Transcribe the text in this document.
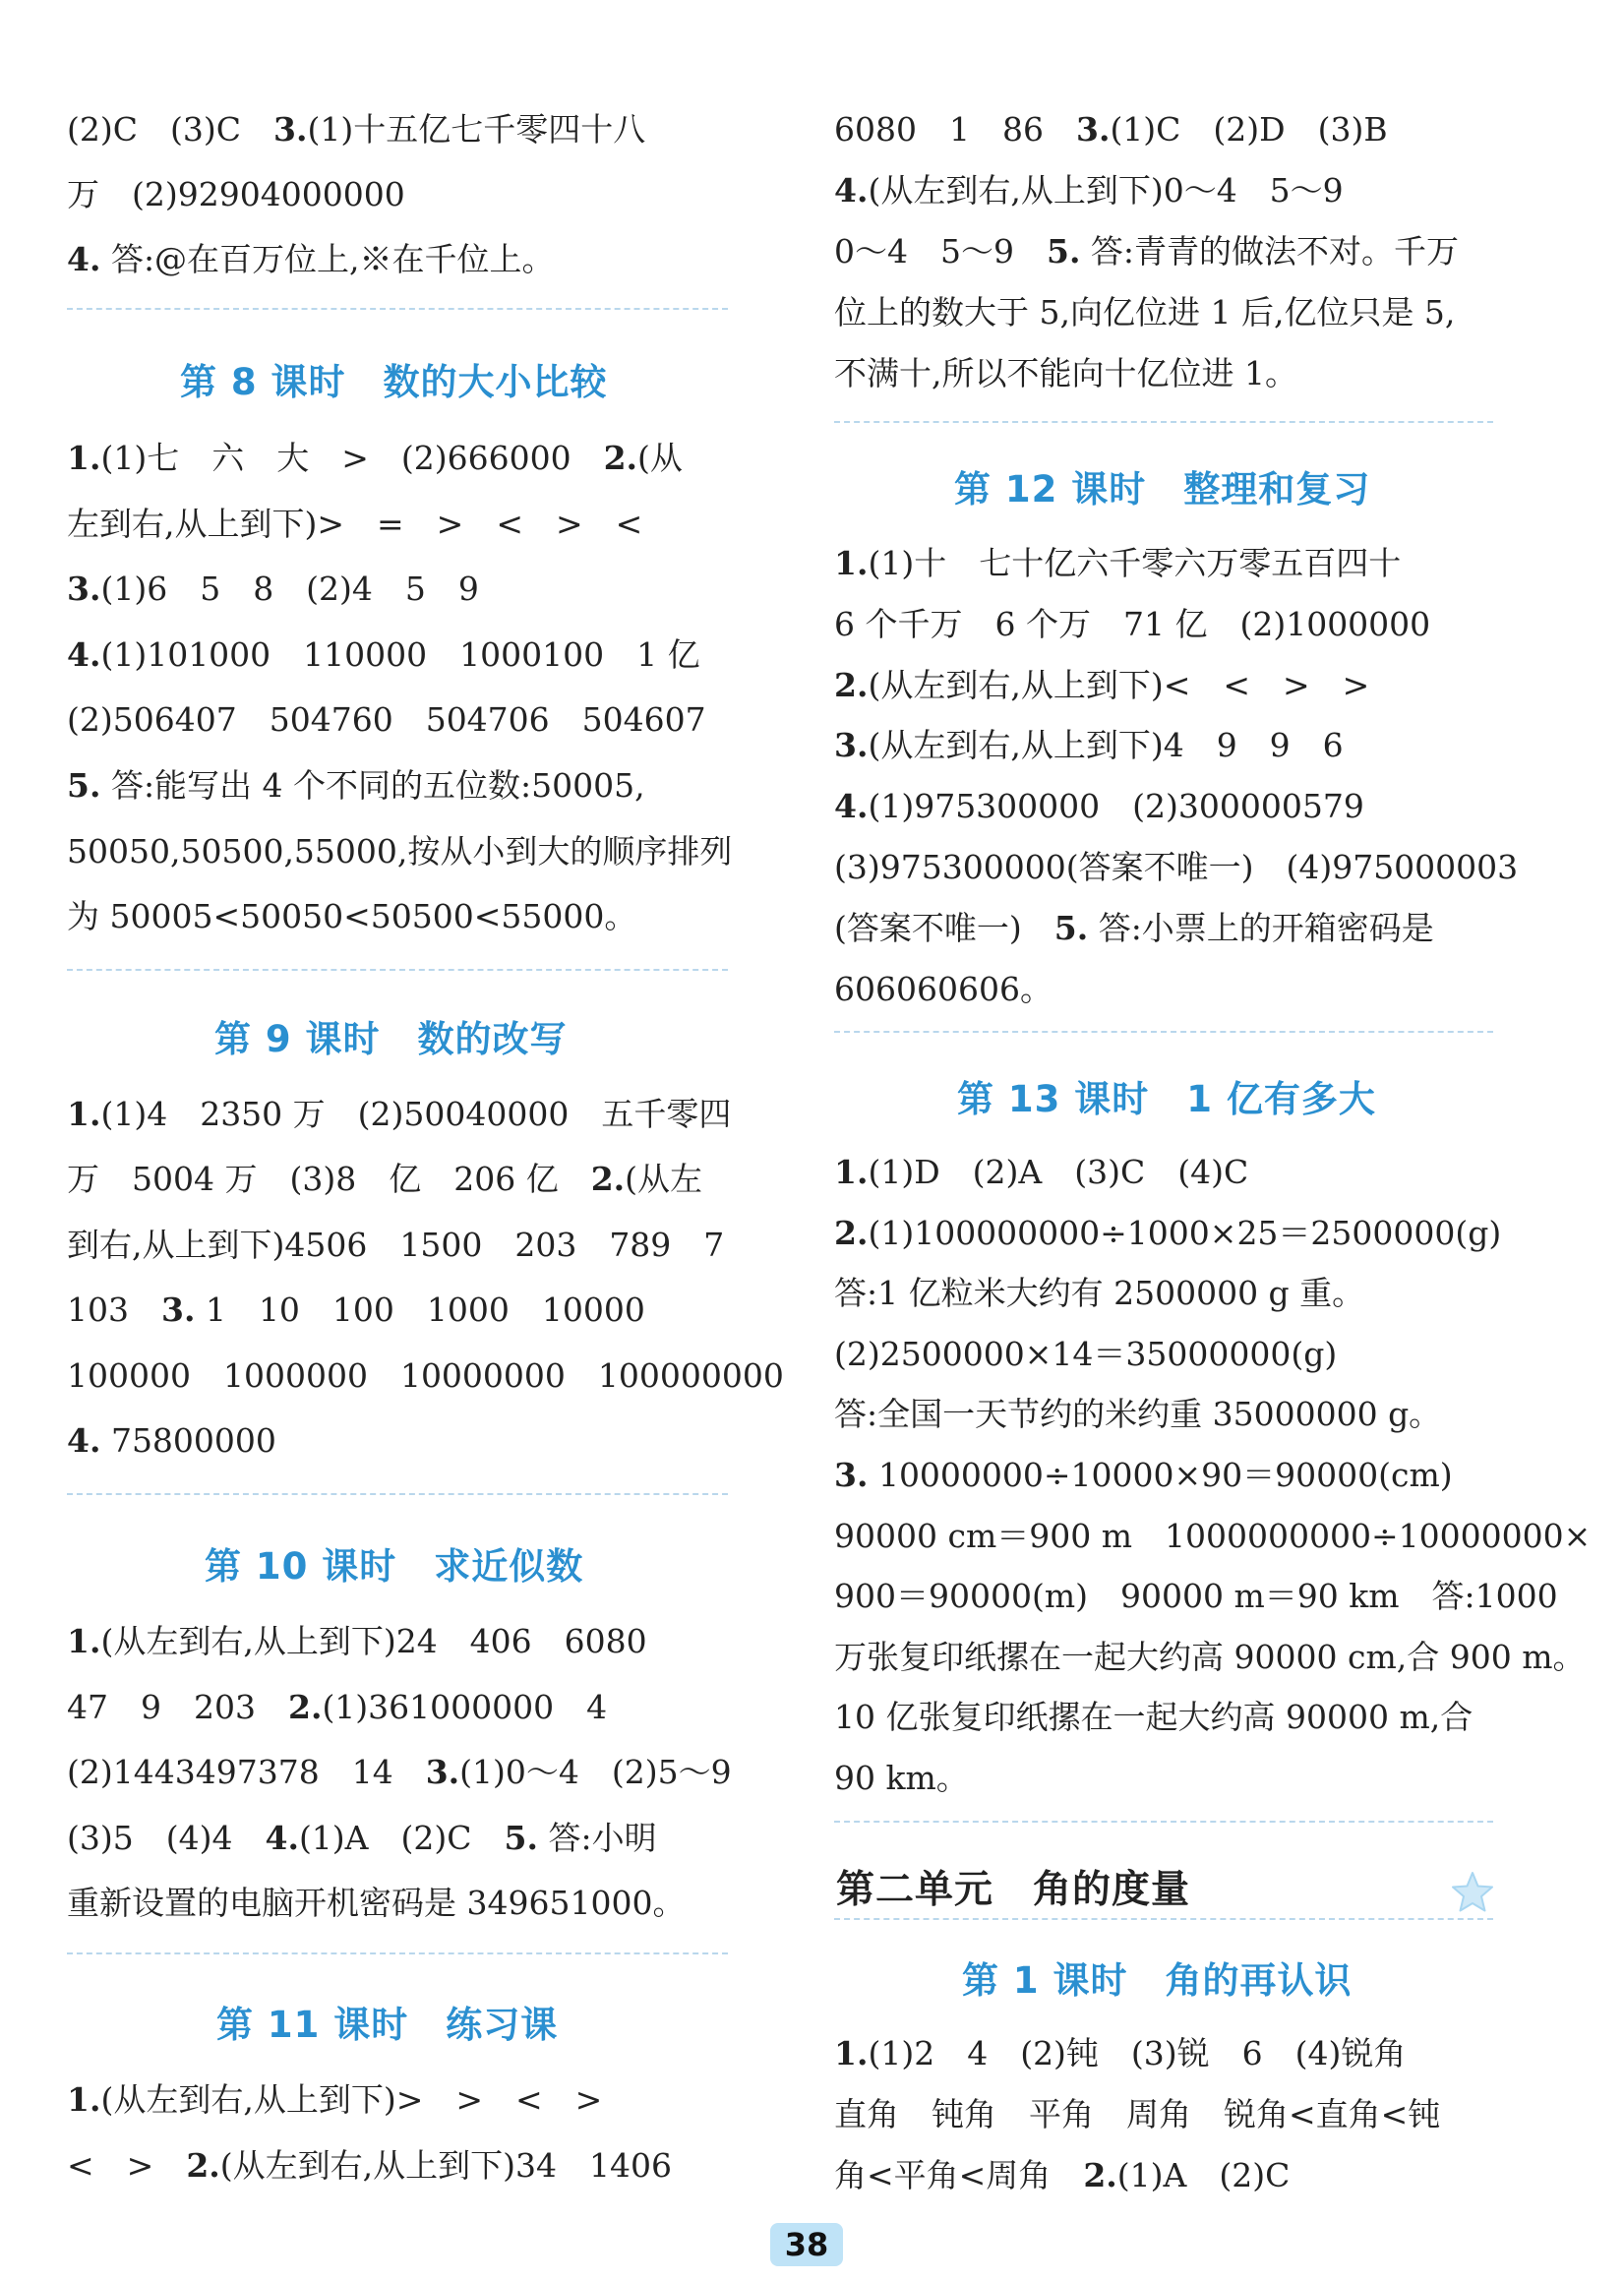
(2)C　(3)C　3.(1)十五亿七千零四十八
万　(2)92904000000
4. 答:@在百万位上,※在千位上。
第 8 课时　数的大小比较
1.(1)七　六　大　>　(2)666000　2.(从
左到右,从上到下)>　=　>　<　>　<
3.(1)6　5　8　(2)4　5　9
4.(1)101000　110000　1000100　1 亿
(2)506407　504760　504706　504607
5. 答:能写出 4 个不同的五位数:50005,
50050,50500,55000,按从小到大的顺序排列
为 50005<50050<50500<55000。
第 9 课时　数的改写
1.(1)4　2350 万　(2)50040000　五千零四
万　5004 万　(3)8　亿　206 亿　2.(从左
到右,从上到下)4506　1500　203　789　7
103　3. 1　10　100　1000　10000
100000　1000000　10000000　100000000
4. 75800000
第 10 课时　求近似数
1.(从左到右,从上到下)24　406　6080
47　9　203　2.(1)361000000　4
(2)1443497378　14　3.(1)0～4　(2)5～9
(3)5　(4)4　4.(1)A　(2)C　5. 答:小明
重新设置的电脑开机密码是 349651000。
第 11 课时　练习课
1.(从左到右,从上到下)>　>　<　>
<　>　2.(从左到右,从上到下)34　1406
6080　1　86　3.(1)C　(2)D　(3)B
4.(从左到右,从上到下)0～4　5～9
0～4　5～9　5. 答:青青的做法不对。千万
位上的数大于 5,向亿位进 1 后,亿位只是 5,
不满十,所以不能向十亿位进 1。
第 12 课时　整理和复习
1.(1)十　七十亿六千零六万零五百四十
6 个千万　6 个万　71 亿　(2)1000000
2.(从左到右,从上到下)<　<　>　>
3.(从左到右,从上到下)4　9　9　6
4.(1)975300000　(2)300000579
(3)975300000(答案不唯一)　(4)975000003
(答案不唯一)　5. 答:小票上的开箱密码是
606060606。
第 13 课时　1 亿有多大
1.(1)D　(2)A　(3)C　(4)C
2.(1)100000000÷1000×25＝2500000(g)
答:1 亿粒米大约有 2500000 g 重。
(2)2500000×14＝35000000(g)
答:全国一天节约的米约重 35000000 g。
3. 10000000÷10000×90＝90000(cm)
90000 cm＝900 m　1000000000÷10000000×
900＝90000(m)　90000 m＝90 km　答:1000
万张复印纸摞在一起大约高 90000 cm,合 900 m。
10 亿张复印纸摞在一起大约高 90000 m,合
90 km。
第二单元　角的度量
第 1 课时　角的再认识
1.(1)2　4　(2)钝　(3)锐　6　(4)锐角
直角　钝角　平角　周角　锐角<直角<钝
角<平角<周角　2.(1)A　(2)C
38
